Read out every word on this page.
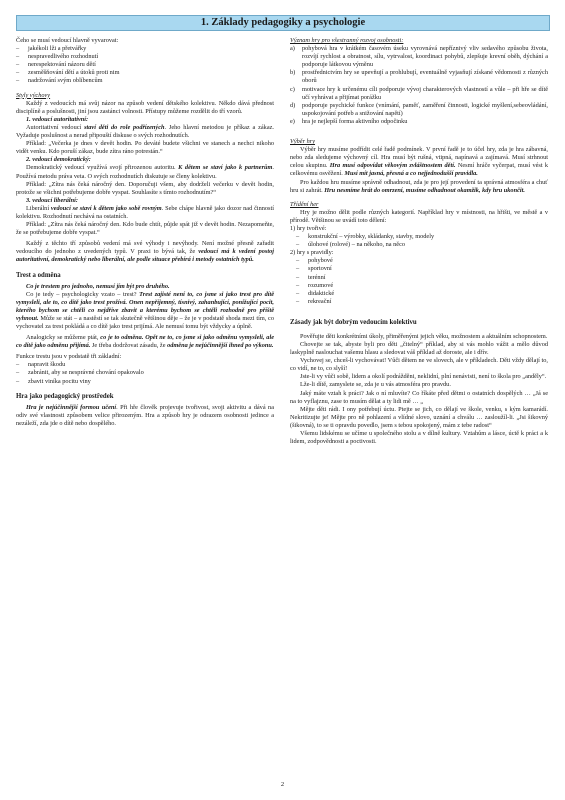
1. Základy pedagogiky a psychologie

Čeho se musí vedoucí hlavně vyvarovat:

–	jakékoli lži a přetvářky
–	nespravedlivého rozhodnutí
–	nerespektování názoru dětí
–	zesměšňování dětí a útoků proti nim
–	nadržování svým oblíbencům

Styly výchovy

Každý z vedoucích má svůj názor na způsob vedení dětského kolektivu. Někdo dává přednost disciplíně a poslušnosti, jiní jsou zastánci volnosti. Přístupy můžeme rozdělit do tří vzorů.

1. vedoucí autoritativní:

Autoritativní vedoucí staví děti do role podřízených. Jeho hlavní metodou je příkaz a zákaz. Vyžaduje poslušnost a nerad připouští diskuse o svých rozhodnutích.

Příklad: „Večerka je dnes v devět hodin. Po deváté budete všichni ve stanech a nechci nikoho vidět venku. Kdo poruší zákaz, bude zítra ráno potrestán.“

2. vedoucí demokratický:

Demokratický vedoucí využívá svojí přirozenou autoritu. K dětem se staví jako k partnerům. Používá metodu práva veta. O svých rozhodnutích diskutuje se členy kolektivu.

Příklad: „Zítra nás čeká náročný den. Doporučuji všem, aby dodrželi večerku v devět hodin, protože se všichni potřebujeme dobře vyspat. Souhlasíte s tímto rozhodnutím?“

3. vedoucí liberální:

Liberální vedoucí se staví k dětem jako sobě rovným. Sebe chápe hlavně jako dozor nad činností kolektivu. Rozhodnutí nechává na ostatních.

Příklad: „Zítra nás čeká náročný den. Kdo bude chtít, půjde spát již v devět hodin. Nezapomeňte, že se potřebujeme dobře vyspat.“

Každý z těchto tří způsobů vedení má své výhody i nevýhody. Není možné přesně zařadit vedoucího do jednoho z uvedených typů. V praxi to bývá tak, že vedoucí má k vedení postoj autoritativní, demokratický nebo liberální, ale podle situace přebírá i metody ostatních typů.

Trest a odměna

Co je trestem pro jednoho, nemusí jím být pro druhého.

Co je tedy – psychologicky vzato – trest? Trest zajisté není to, co jsme si jako trest pro dítě vymysleli, ale to, co dítě jako trest prožívá. Onen nepříjemný, tísnivý, zahanbující, ponižující pocit, kterého bychom se chtěli co nejdříve zbavit a kterému bychom se chtěli rozhodně pro příště vyhnout. Může se stát – a nastěstí se tak skutečně většinou děje – že je v podstatě shoda mezi tím, co vychovatel za trest pokládá a co dítě jako trest prijímá. Ale nemusí tomu být vždycky a úplně.

Analogicky se můžeme ptát, co je to odměna. Opět ne to, co jsme si jako odměnu vymysleli, ale co dítě jako odměnu přijímá. Je třeba dodržovat zásadu, že odměna je nejúčinnější ihned po výkonu.

Funkce trestu jsou v podstatě tři základní:

–	napravit škodu
–	zabránit, aby se nesprávné chování opakovalo
–	zbavit viníka pocitu viny

Hra jako pedagogický prostředek

Hra je nejúčinnější formou učení. Při hře člověk projevuje tvořivost, svoji aktivitu a dává na odiv své vlastnosti způsobem velice přirozeným. Hra a způsob hry je odrazem osobnosti jedince a nezáleží, zda jde o dítě nebo dospělého.

Význam hry pro všestranný rozvoj osobnosti:

a)	pohybová hra v krátkém časovém úseku vyrovnává nepříznivý vliv sedavého způsobu života, rozvíjí rychlost a obratnost, sílu, vytrvalost, koordinaci pohybů, zlepšuje krevní oběh, dýchání a podporuje látkovou výměnu
b)	prostřednictvím hry se upevňují a prohlubují, eventuálně vyjasňují získané vědomosti z různých oborů
c)	motivace hry k určenému cíli podporuje vývoj charakterových vlastností a vůle – při hře se dítě učí vyhrávat a přijímat porážku
d)	podporuje psychické funkce (vnímání, paměť, zaměření činnosti, logické myšlení,sebeovládání, uspokojování potřeb a snižování napětí)
e)	hra je nejlepší forma aktivního odpočinku

Výběr hry

Výběr hry musíme podřídit celé řadě podmínek. V první řadě je to účel hry, zda je hra zábavná, nebo zda sledujeme výchovný cíl. Hra musí být rušná, vtipná, napínavá a zajímavá. Musí strhnout celou skupinu. Hra musí odpovídat věkovým zvláštnostem dětí. Nesmí hráče vyčerpat, musí vést k celkovému osvěžení. Musí mít jasná, přesná a co nejjednodušší pravidla.

Pro každou hru musíme správně odhadnout, zda je pro její provedení ta správná atmosféra a chuť hru si zahrát. Hru nesmíme hrát do omrzení, musíme odhadnout okamžik, kdy hru ukončit.

Třídění her

Hry je možno dělit podle různých kategorií. Například hry v místnosti, na hřišti, ve městě a v přírodě. Většinou se uvádí toto dělení:

1) hry tvořivé:

–	konstrukční – výrobky, skládanky, stavby, modely
–	úlohové (rolové) – na někoho, na něco

2) hry s pravidly:

–	pohybové
–	sportovní
–	terénní
–	rozumové
–	didaktické
–	rekreační

Zásady jak být dobrým vedoucím kolektivu

Pověřujte děti konkrétními úkoly, přiměřenými jejich věku, možnostem a aktuálním schopnostem.

Chovejte se tak, abyste byli pro děti „čitelný“ příklad, aby si vás mohlo vážit a mělo důvod laskyplně naslouchat vašemu hlasu a sledovat váš příklad až doroste, ale i dřív.

Vychovej se, chceš-li vychovávat! Vůči dětem ne ve slovech, ale v příkladech. Děti vždy dělají to, co vidí, ne to, co slyší!

Jste-li vy vůči sobě, lidem a okolí podrážděni, neklidní, plní nenávisti, není to škola pro „anděly“.

Lže-li dítě, zamyslete se, zda je u vás atmosféra pro pravdu.

Jaký máte vztah k práci? Jak o ní mluvíte? Co říkáte před dětmi o ostatních dospělých … „Já se na to vyflajznu, zase to musím dělat a ty lidi mě … „

Mějte děti rádi. I ony potřebují úctu. Ptejte se jich, co dělají ve škole, venku, s kým kamarádí. Nekritizujte je! Mějte pro ně pohlazení a vlídné slovo, uznání a chválu … zasloužíl-li. „Jsi šikovný (šikovná), to se ti opravdu povedlo, jsem s tebou spokojený, mám z tebe radost“

Všemu lidskému se učíme u společného stolu a v dílně kultury. Vztahům a lásce, úctě k práci a k lidem, zodpovědnosti a poctivosti.

2
